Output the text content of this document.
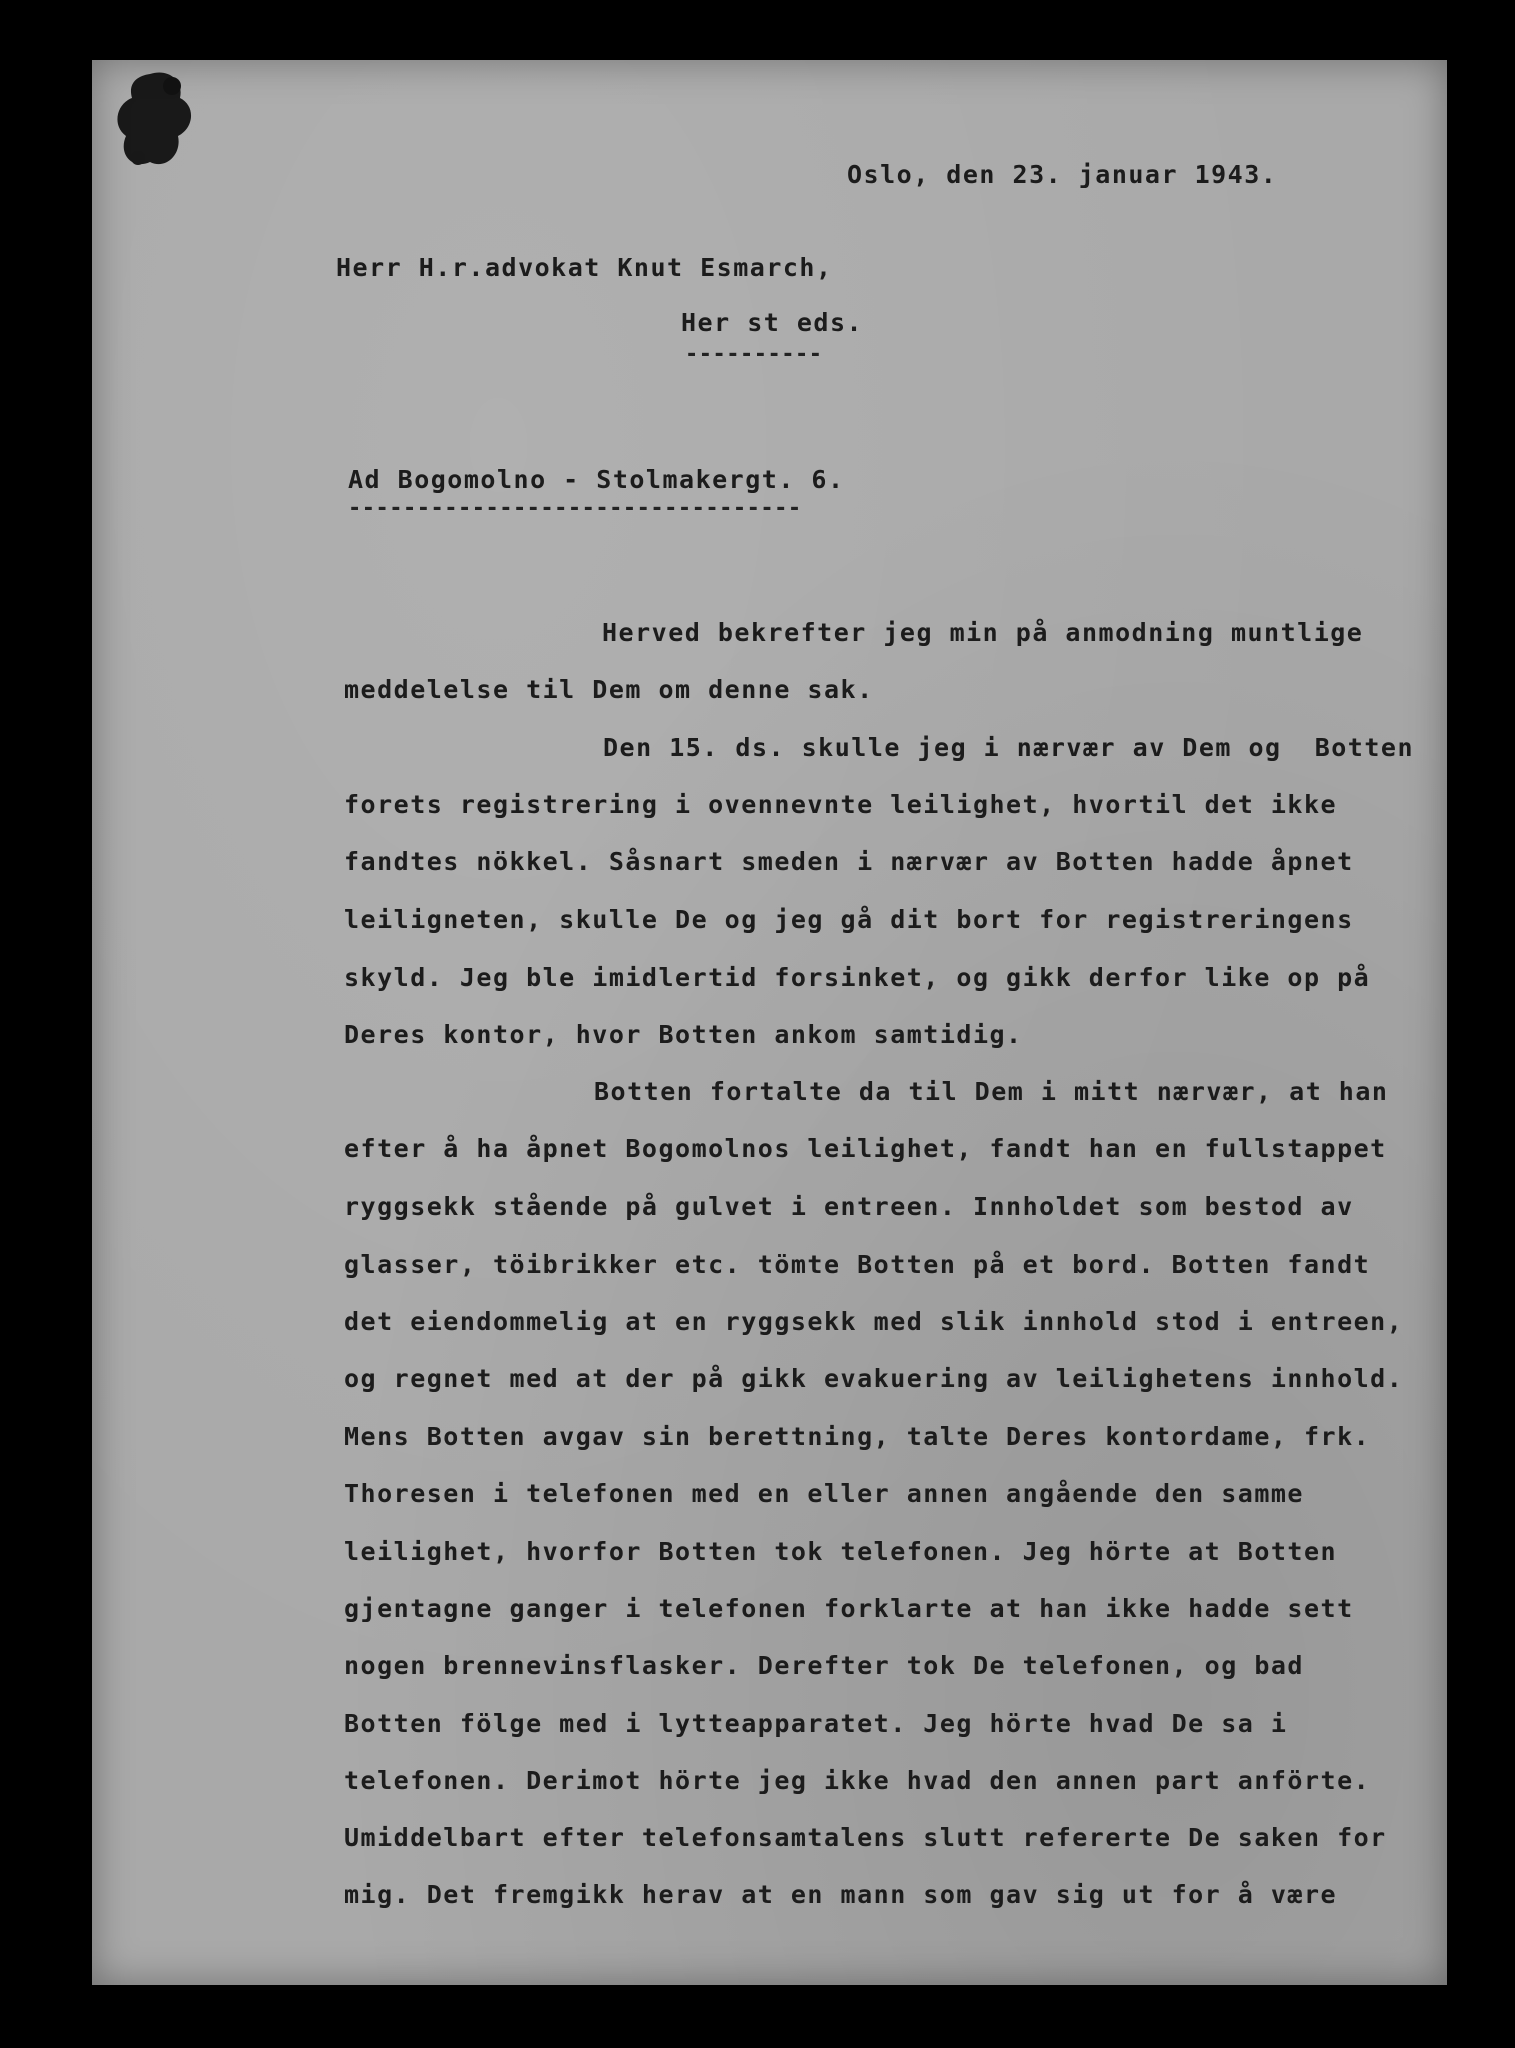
Oslo, den 23. januar 1943.
Herr H.r.advokat Knut Esmarch,
Her st eds.
----------
Ad Bogomolno - Stolmakergt. 6.
---------------------------------
Herved bekrefter jeg min på anmodning muntlige
meddelelse til Dem om denne sak.
Den 15. ds. skulle jeg i nærvær av Dem og  Botten
forets registrering i ovennevnte leilighet, hvortil det ikke
fandtes nökkel. Såsnart smeden i nærvær av Botten hadde åpnet
leiligneten, skulle De og jeg gå dit bort for registreringens
skyld. Jeg ble imidlertid forsinket, og gikk derfor like op på
Deres kontor, hvor Botten ankom samtidig.
Botten fortalte da til Dem i mitt nærvær, at han
efter å ha åpnet Bogomolnos leilighet, fandt han en fullstappet
ryggsekk stående på gulvet i entreen. Innholdet som bestod av
glasser, töibrikker etc. tömte Botten på et bord. Botten fandt
det eiendommelig at en ryggsekk med slik innhold stod i entreen,
og regnet med at der på gikk evakuering av leilighetens innhold.
Mens Botten avgav sin berettning, talte Deres kontordame, frk.
Thoresen i telefonen med en eller annen angående den samme
leilighet, hvorfor Botten tok telefonen. Jeg hörte at Botten
gjentagne ganger i telefonen forklarte at han ikke hadde sett
nogen brennevinsflasker. Derefter tok De telefonen, og bad
Botten fölge med i lytteapparatet. Jeg hörte hvad De sa i
telefonen. Derimot hörte jeg ikke hvad den annen part anförte.
Umiddelbart efter telefonsamtalens slutt refererte De saken for
mig. Det fremgikk herav at en mann som gav sig ut for å være
